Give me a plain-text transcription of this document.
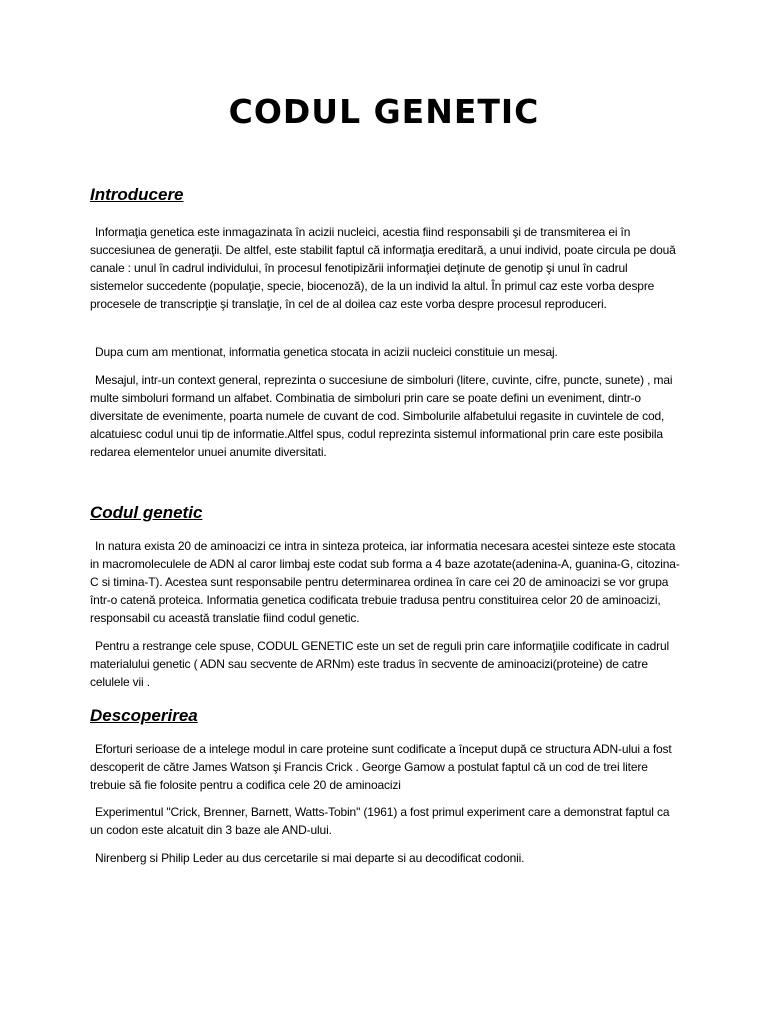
CODUL GENETIC
Introducere

Informaţia genetica este inmagazinata în acizii nucleici, acestia fiind responsabili şi de transmiterea ei în succesiunea de generaţii. De altfel, este stabilit faptul că informaţia ereditară, a unui individ, poate circula pe două canale : unul în cadrul individului, în procesul fenotipizării informaţiei deţinute de genotip şi unul în cadrul sistemelor succedente (populaţie, specie, biocenoză), de la un individ la altul. În primul caz este vorba despre procesele de transcripţie şi translaţie, în cel de al doilea caz este vorba despre procesul reproduceri.

Dupa cum am mentionat, informatia genetica stocata in acizii nucleici constituie un mesaj.

Mesajul, intr-un context general, reprezinta o succesiune de simboluri (litere, cuvinte, cifre, puncte, sunete) , mai multe simboluri formand un alfabet. Combinatia de simboluri prin care se poate defini un eveniment, dintr-o diversitate de evenimente, poarta numele de cuvant de cod. Simbolurile alfabetului regasite in cuvintele de cod, alcatuiesc codul unui tip de informatie.Altfel spus, codul reprezinta sistemul informational prin care este posibila redarea elementelor unuei anumite diversitati.

Codul genetic

In natura exista 20 de aminoacizi ce intra in sinteza proteica, iar informatia necesara acestei sinteze este stocata in macromoleculele de ADN al caror limbaj este codat sub forma a 4 baze azotate(adenina-A, guanina-G, citozina-C si timina-T). Acestea sunt responsabile pentru determinarea ordinea în care cei 20 de aminoacizi se vor grupa într-o catenă proteica. Informatia genetica codificata trebuie tradusa pentru constituirea celor 20 de aminoacizi, responsabil cu această translatie fiind codul genetic.

Pentru a restrange cele spuse, CODUL GENETIC este un set de reguli prin care informaţiile codificate in cadrul materialului genetic ( ADN sau secvente de ARNm) este tradus în secvente de aminoacizi(proteine) de catre celulele vii .

Descoperirea

Eforturi serioase de a intelege modul in care proteine sunt codificate a început după ce structura ADN-ului a fost descoperit de către James Watson şi Francis Crick . George Gamow a postulat faptul că un cod de trei litere trebuie să fie folosite pentru a codifica cele 20 de aminoacizi

Experimentul "Crick, Brenner, Barnett, Watts-Tobin" (1961) a fost primul experiment care a demonstrat faptul ca un codon este alcatuit din 3 baze ale AND-ului.

Nirenberg si Philip Leder au dus cercetarile si mai departe si au decodificat codonii.
